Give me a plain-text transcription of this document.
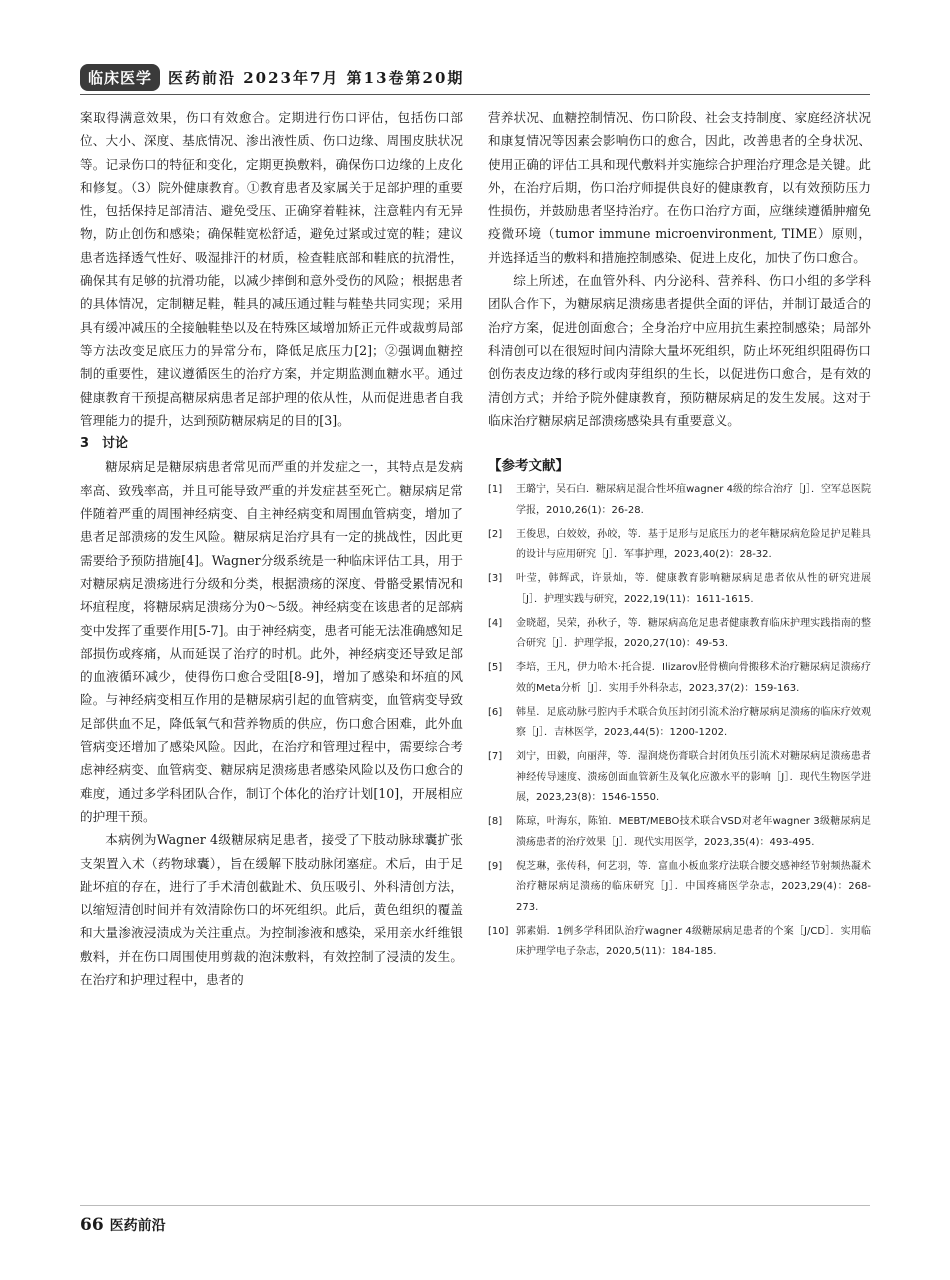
临床医学	医药前沿 2023年7月 第13卷第20期

案取得满意效果，伤口有效愈合。定期进行伤口评估，包括伤口部位、大小、深度、基底情况、渗出液性质、伤口边缘、周围皮肤状况等。记录伤口的特征和变化，定期更换敷料，确保伤口边缘的上皮化和修复。（3）院外健康教育。①教育患者及家属关于足部护理的重要性，包括保持足部清洁、避免受压、正确穿着鞋袜，注意鞋内有无异物，防止创伤和感染；确保鞋宽松舒适，避免过紧或过宽的鞋；建议患者选择透气性好、吸湿排汗的材质，检查鞋底部和鞋底的抗滑性，确保其有足够的抗滑功能，以减少摔倒和意外受伤的风险；根据患者的具体情况，定制糖足鞋，鞋具的减压通过鞋与鞋垫共同实现；采用具有缓冲减压的全接触鞋垫以及在特殊区域增加矫正元件或裁剪局部等方法改变足底压力的异常分布，降低足底压力[2]；②强调血糖控制的重要性，建议遵循医生的治疗方案，并定期监测血糖水平。通过健康教育干预提高糖尿病患者足部护理的依从性，从而促进患者自我管理能力的提升，达到预防糖尿病足的目的[3]。

3　讨论

糖尿病足是糖尿病患者常见而严重的并发症之一，其特点是发病率高、致残率高，并且可能导致严重的并发症甚至死亡。糖尿病足常伴随着严重的周围神经病变、自主神经病变和周围血管病变，增加了患者足部溃疡的发生风险。糖尿病足治疗具有一定的挑战性，因此更需要给予预防措施[4]。Wagner分级系统是一种临床评估工具，用于对糖尿病足溃疡进行分级和分类，根据溃疡的深度、骨骼受累情况和坏疽程度，将糖尿病足溃疡分为0～5级。神经病变在该患者的足部病变中发挥了重要作用[5-7]。由于神经病变，患者可能无法准确感知足部损伤或疼痛，从而延误了治疗的时机。此外，神经病变还导致足部的血液循环减少，使得伤口愈合受阻[8-9]，增加了感染和坏疽的风险。与神经病变相互作用的是糖尿病引起的血管病变，血管病变导致足部供血不足，降低氧气和营养物质的供应，伤口愈合困难，此外血管病变还增加了感染风险。因此，在治疗和管理过程中，需要综合考虑神经病变、血管病变、糖尿病足溃疡患者感染风险以及伤口愈合的难度，通过多学科团队合作，制订个体化的治疗计划[10]，开展相应的护理干预。

本病例为Wagner 4级糖尿病足患者，接受了下肢动脉球囊扩张支架置入术（药物球囊），旨在缓解下肢动脉闭塞症。术后，由于足趾坏疽的存在，进行了手术清创截趾术、负压吸引、外科清创方法，以缩短清创时间并有效清除伤口的坏死组织。此后，黄色组织的覆盖和大量渗液浸渍成为关注重点。为控制渗液和感染，采用亲水纤维银敷料，并在伤口周围使用剪裁的泡沫敷料，有效控制了浸渍的发生。在治疗和护理过程中，患者的

营养状况、血糖控制情况、伤口阶段、社会支持制度、家庭经济状况和康复情况等因素会影响伤口的愈合，因此，改善患者的全身状况、使用正确的评估工具和现代敷料并实施综合护理治疗理念是关键。此外，在治疗后期，伤口治疗师提供良好的健康教育，以有效预防压力性损伤，并鼓励患者坚持治疗。在伤口治疗方面，应继续遵循肿瘤免疫微环境（tumor immune microenvironment, TIME）原则，并选择适当的敷料和措施控制感染、促进上皮化，加快了伤口愈合。

综上所述，在血管外科、内分泌科、营养科、伤口小组的多学科团队合作下，为糖尿病足溃疡患者提供全面的评估，并制订最适合的治疗方案，促进创面愈合；全身治疗中应用抗生素控制感染；局部外科清创可以在很短时间内清除大量坏死组织，防止坏死组织阻碍伤口创伤表皮边缘的移行或肉芽组织的生长，以促进伤口愈合，是有效的清创方式；并给予院外健康教育，预防糖尿病足的发生发展。这对于临床治疗糖尿病足部溃疡感染具有重要意义。

【参考文献】
[1]	王璐宁，吴石白．糖尿病足混合性坏疽wagner 4级的综合治疗［J］．空军总医院学报，2010,26(1)：26-28.
[2]	王俊思，白姣姣，孙皎，等．基于足形与足底压力的老年糖尿病危险足护足鞋具的设计与应用研究［J］．军事护理，2023,40(2)：28-32.
[3]	叶莹，韩辉武，许景灿，等．健康教育影响糖尿病足患者依从性的研究进展［J］．护理实践与研究，2022,19(11)：1611-1615.
[4]	金晓超，吴荣，孙秋子，等．糖尿病高危足患者健康教育临床护理实践指南的整合研究［J］．护理学报，2020,27(10)：49-53.
[5]	李培，王凡，伊力哈木·托合提．Ilizarov胫骨横向骨搬移术治疗糖尿病足溃疡疗效的Meta分析［J］．实用手外科杂志，2023,37(2)：159-163.
[6]	韩星．足底动脉弓腔内手术联合负压封闭引流术治疗糖尿病足溃疡的临床疗效观察［J］．吉林医学，2023,44(5)：1200-1202.
[7]	刘宁，田毅，向丽萍，等．湿润烧伤膏联合封闭负压引流术对糖尿病足溃疡患者神经传导速度、溃疡创面血管新生及氧化应激水平的影响［J］．现代生物医学进展，2023,23(8)：1546-1550.
[8]	陈琼，叶海东，陈铂．MEBT/MEBO技术联合VSD对老年wagner 3级糖尿病足溃疡患者的治疗效果［J］．现代实用医学，2023,35(4)：493-495.
[9]	倪芝琳，张传科，何艺羽，等．富血小板血浆疗法联合腰交感神经节射频热凝术治疗糖尿病足溃疡的临床研究［J］．中国疼痛医学杂志，2023,29(4)：268-273.
[10] 郭素娟．1例多学科团队治疗wagner 4级糖尿病足患者的个案［J/CD］．实用临床护理学电子杂志，2020,5(11)：184-185.
66 医药前沿
